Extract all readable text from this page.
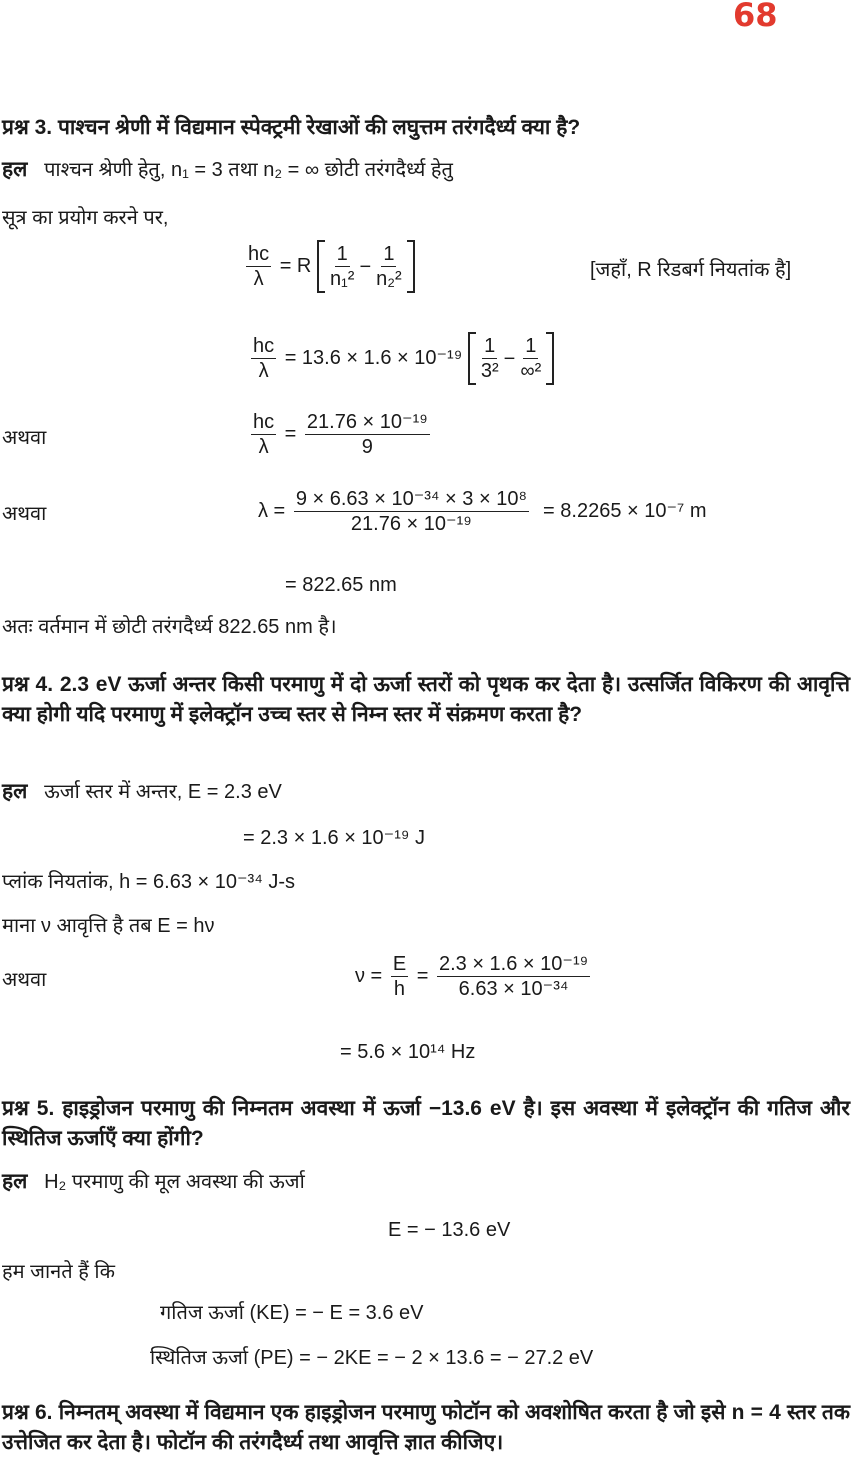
68
प्रश्न 3. पाश्चन श्रेणी में विद्यमान स्पेक्ट्रमी रेखाओं की लघुत्तम तरंगदैर्ध्य क्या है?
हल पाश्चन श्रेणी हेतु, n₁ = 3 तथा n₂ = ∞ छोटी तरंगदैर्ध्य हेतु
सूत्र का प्रयोग करने पर,
$\frac{hc}{\lambda} = R \frac{1}{\text{n₁²}} - \frac{1}{\text{n₂²}}$	[जहाँ, R रिडबर्ग नियतांक है]
$\frac{hc}{\lambda} = 13.6 \times 1.6 \times 10^{-19} \frac{1}{\text{3²}} - \frac{1}{\text{∞²}}$
अथवा	$\frac{hc}{\lambda} = \frac{\text{21.76 × 10⁻¹⁹}}{9}$
अथवा	$\lambda = \frac{\text{9 × 6.63 × 10⁻³⁴ × 3 × 10⁸}}{\text{21.76 × 10⁻¹⁹}} = 8.2265 \times 10^{-7}$ m
= 822.65 nm
अतः वर्तमान में छोटी तरंगदैर्ध्य 822.65 nm है।
प्रश्न 4. 2.3 eV ऊर्जा अन्तर किसी परमाणु में दो ऊर्जा स्तरों को पृथक कर देता है। उत्सर्जित विकिरण की आवृत्ति क्या होगी यदि परमाणु में इलेक्ट्रॉन उच्च स्तर से निम्न स्तर में संक्रमण करता है?
हल ऊर्जा स्तर में अन्तर, E = 2.3 eV
= 2.3 × 1.6 × 10⁻¹⁹ J
प्लांक नियतांक, h = 6.63 × 10⁻³⁴ J-s
माना ν आवृत्ति है तब E = hν
अथवा	$\nu = \frac{E}{h} = \frac{\text{2.3 × 1.6 × 10⁻¹⁹}}{\text{6.63 × 10⁻³⁴}}$
= 5.6 × 10¹⁴ Hz
प्रश्न 5. हाइड्रोजन परमाणु की निम्नतम अवस्था में ऊर्जा −13.6 eV है। इस अवस्था में इलेक्ट्रॉन की गतिज और स्थितिज ऊर्जाएँ क्या होंगी?
हल H₂ परमाणु की मूल अवस्था की ऊर्जा
E = − 13.6 eV
हम जानते हैं कि
गतिज ऊर्जा (KE) = − E = 3.6 eV
स्थितिज ऊर्जा (PE) = − 2KE = − 2 × 13.6 = − 27.2 eV
प्रश्न 6. निम्नतम् अवस्था में विद्यमान एक हाइड्रोजन परमाणु फोटॉन को अवशोषित करता है जो इसे n = 4 स्तर तक उत्तेजित कर देता है। फोटॉन की तरंगदैर्ध्य तथा आवृत्ति ज्ञात कीजिए।
